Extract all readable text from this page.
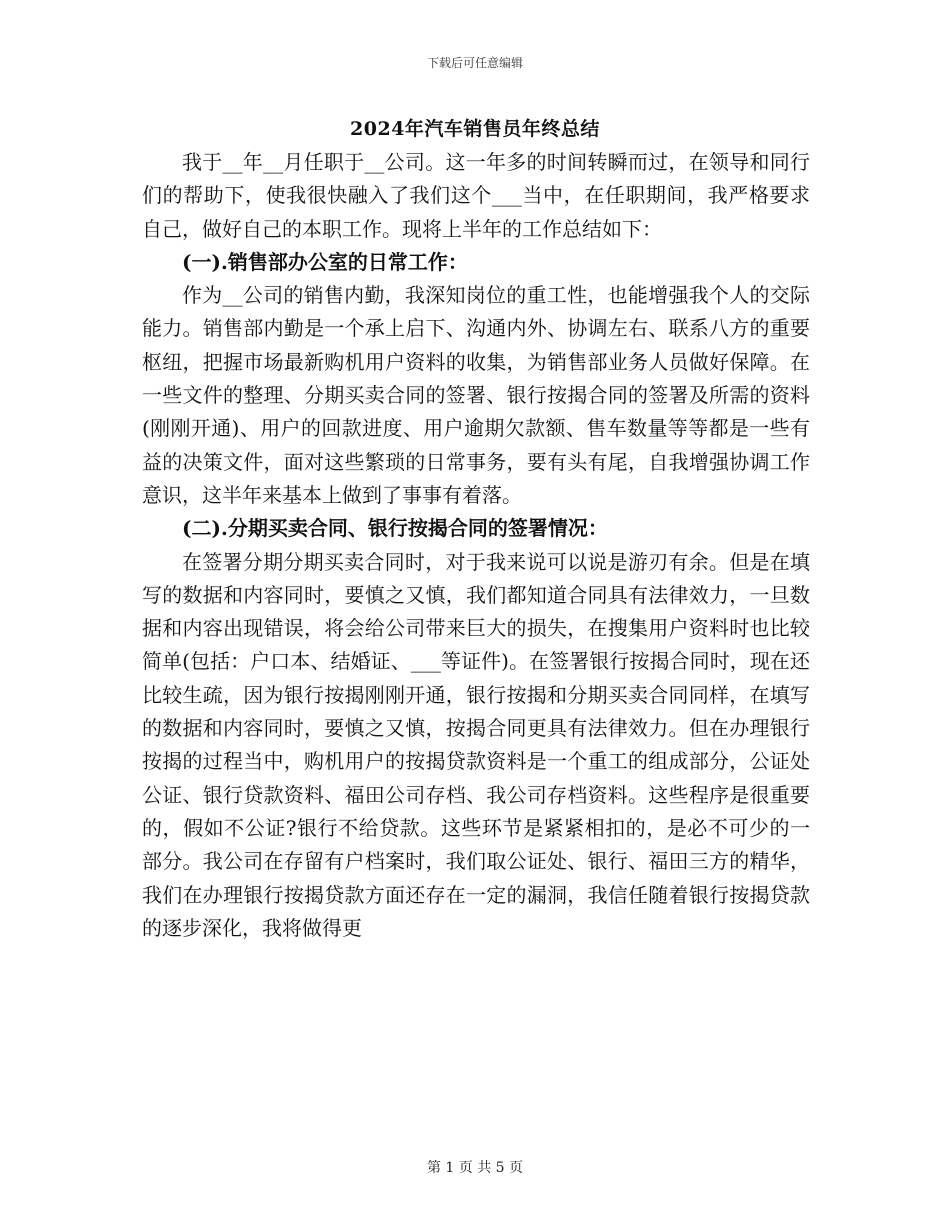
下载后可任意编辑
2024年汽车销售员年终总结

我于__年__月任职于__公司。这一年多的时间转瞬而过，在领导和同行们的帮助下，使我很快融入了我们这个___当中，在任职期间，我严格要求自己，做好自己的本职工作。现将上半年的工作总结如下：

(一).销售部办公室的日常工作：

作为__公司的销售内勤，我深知岗位的重工性，也能增强我个人的交际能力。销售部内勤是一个承上启下、沟通内外、协调左右、联系八方的重要枢纽，把握市场最新购机用户资料的收集，为销售部业务人员做好保障。在一些文件的整理、分期买卖合同的签署、银行按揭合同的签署及所需的资料(刚刚开通)、用户的回款进度、用户逾期欠款额、售车数量等等都是一些有益的决策文件，面对这些繁琐的日常事务，要有头有尾，自我增强协调工作意识，这半年来基本上做到了事事有着落。

(二).分期买卖合同、银行按揭合同的签署情况：

在签署分期分期买卖合同时，对于我来说可以说是游刃有余。但是在填写的数据和内容同时，要慎之又慎，我们都知道合同具有法律效力，一旦数据和内容出现错误，将会给公司带来巨大的损失，在搜集用户资料时也比较简单(包括：户口本、结婚证、___等证件)。在签署银行按揭合同时，现在还比较生疏，因为银行按揭刚刚开通，银行按揭和分期买卖合同同样，在填写的数据和内容同时，要慎之又慎，按揭合同更具有法律效力。但在办理银行按揭的过程当中，购机用户的按揭贷款资料是一个重工的组成部分，公证处公证、银行贷款资料、福田公司存档、我公司存档资料。这些程序是很重要的，假如不公证?银行不给贷款。这些环节是紧紧相扣的，是必不可少的一部分。我公司在存留有户档案时，我们取公证处、银行、福田三方的精华，我们在办理银行按揭贷款方面还存在一定的漏洞，我信任随着银行按揭贷款的逐步深化，我将做得更

第 1 页 共 5 页
